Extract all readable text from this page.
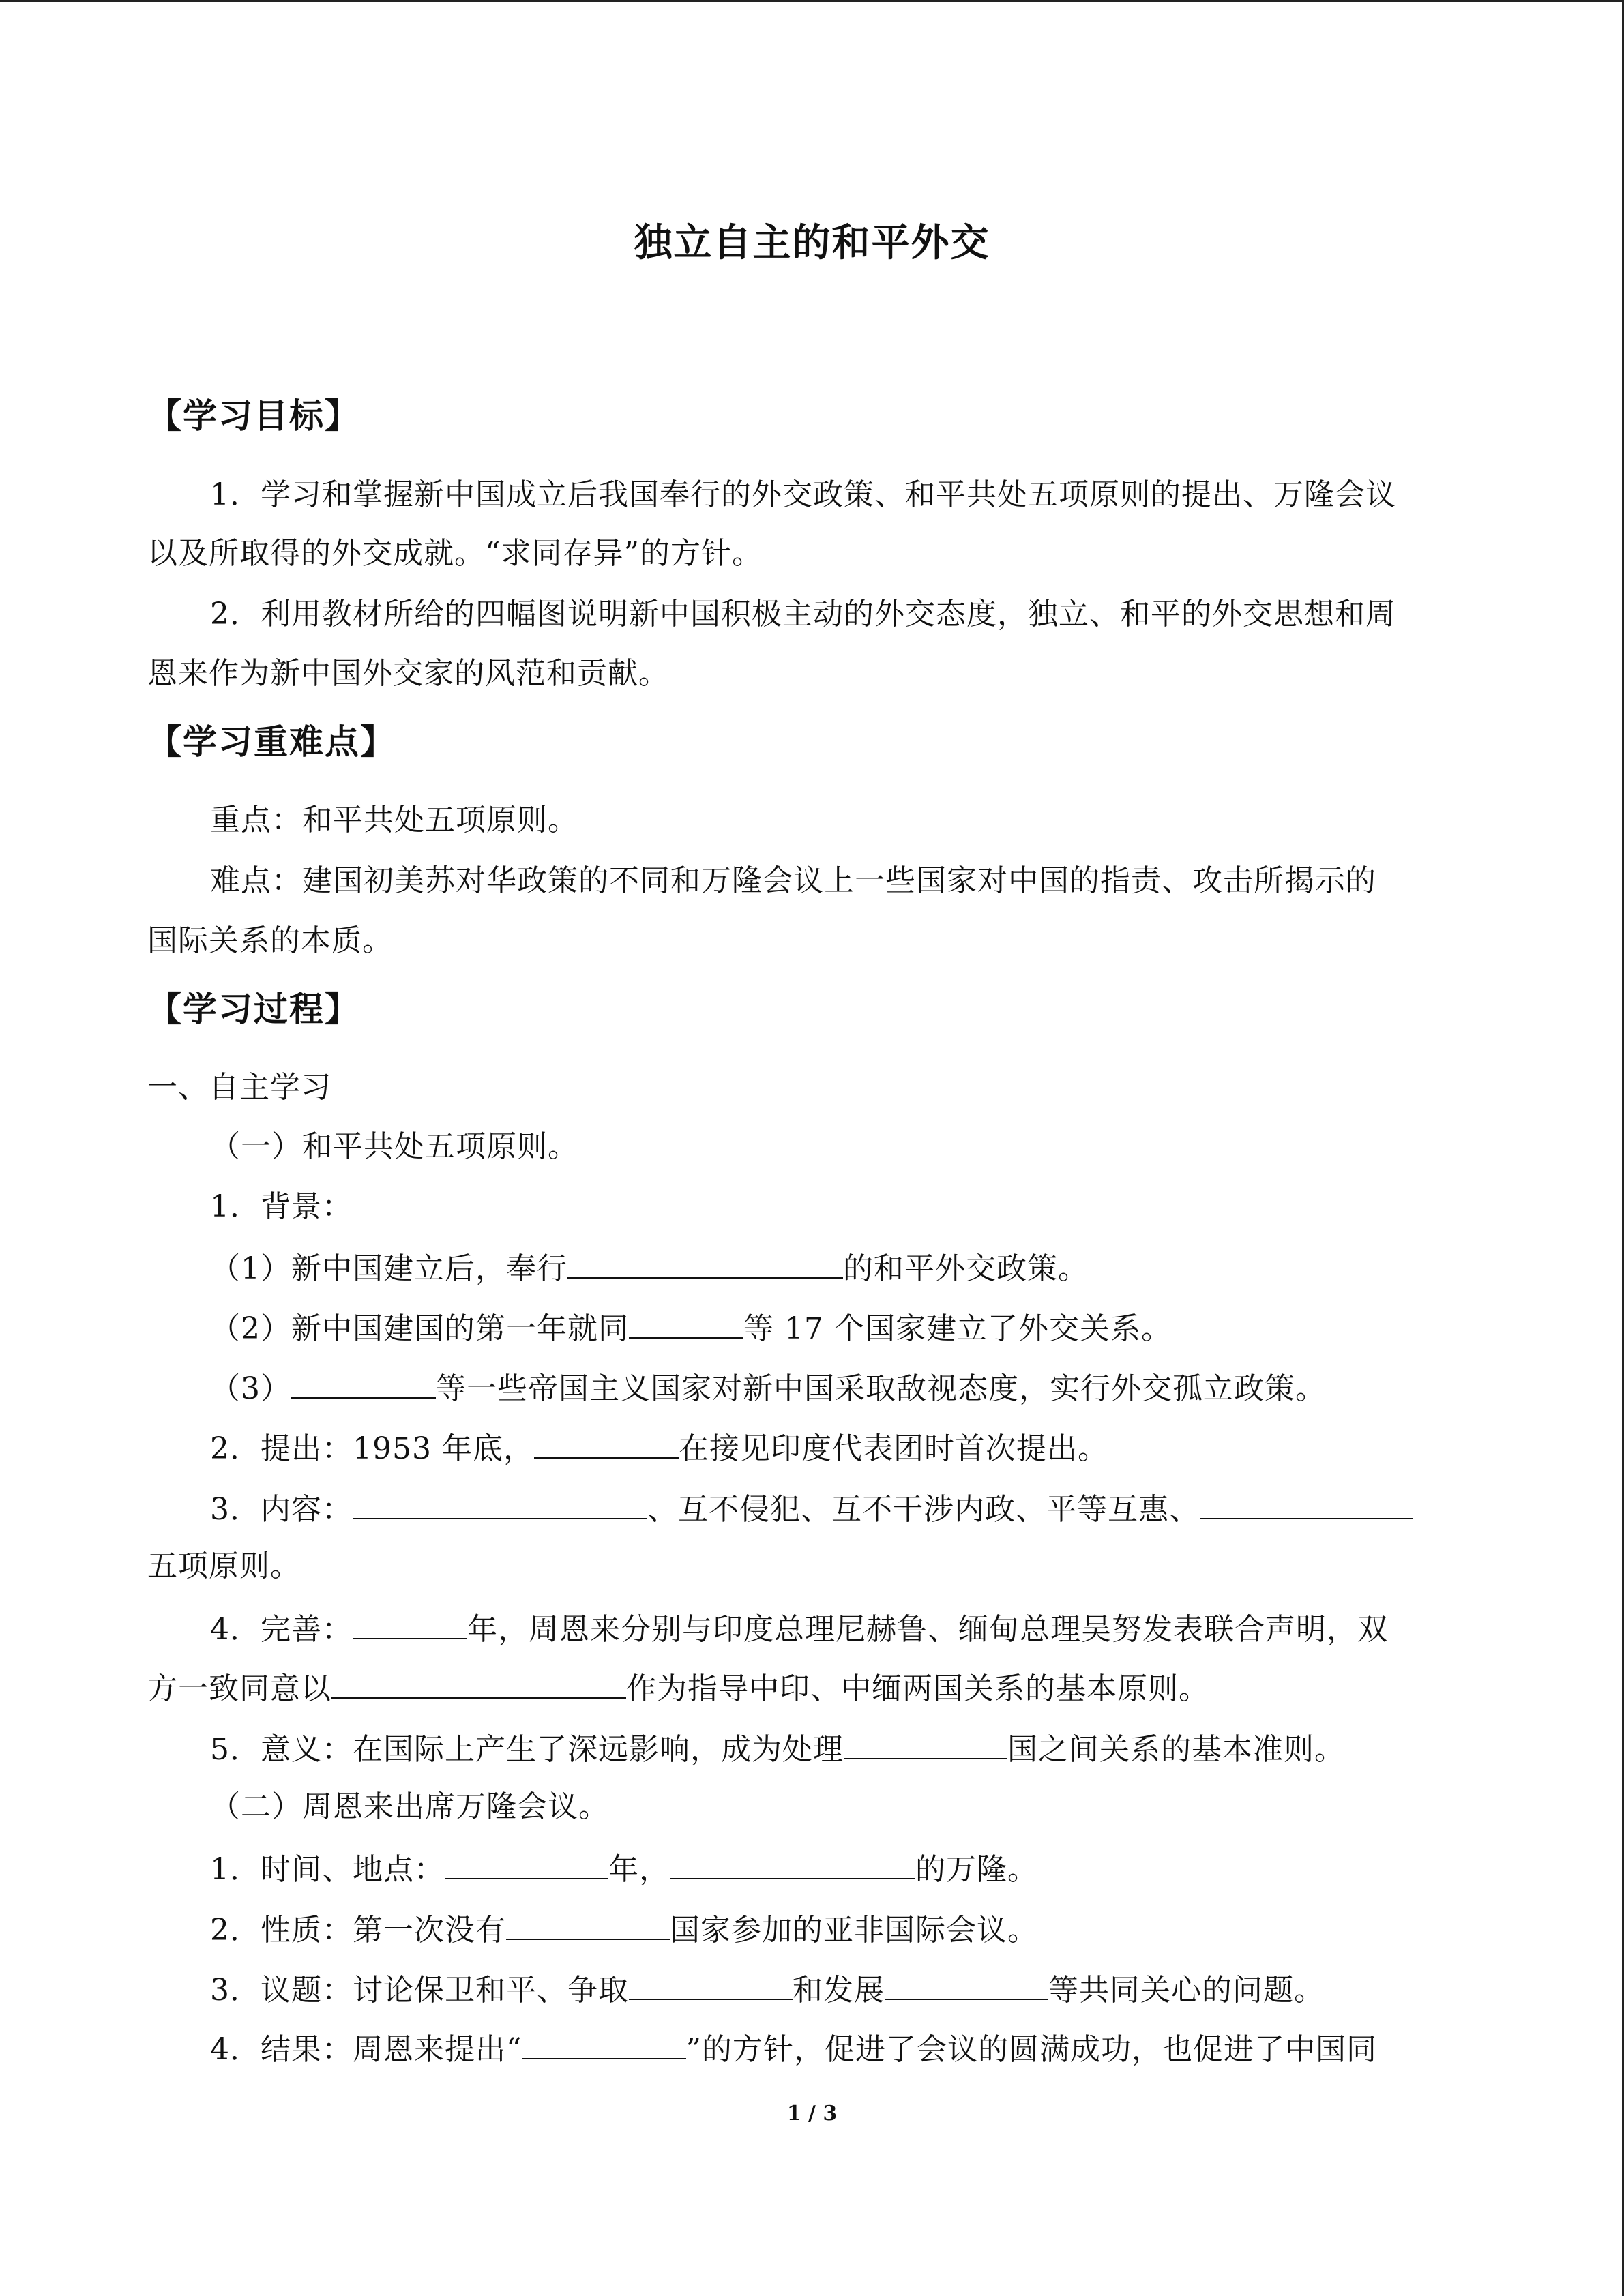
独立自主的和平外交
【学习目标】
1．学习和掌握新中国成立后我国奉行的外交政策、和平共处五项原则的提出、万隆会议
以及所取得的外交成就。“求同存异”的方针。
2．利用教材所给的四幅图说明新中国积极主动的外交态度，独立、和平的外交思想和周
恩来作为新中国外交家的风范和贡献。
【学习重难点】
重点：和平共处五项原则。
难点：建国初美苏对华政策的不同和万隆会议上一些国家对中国的指责、攻击所揭示的
国际关系的本质。
【学习过程】
一、自主学习
（一）和平共处五项原则。
1．背景：
（1）新中国建立后，奉行	的和平外交政策。
（2）新中国建国的第一年就同	等 17 个国家建立了外交关系。
（3）	等一些帝国主义国家对新中国采取敌视态度，实行外交孤立政策。
2．提出：1953 年底，	在接见印度代表团时首次提出。
3．内容：	、互不侵犯、互不干涉内政、平等互惠、
五项原则。
4．完善：	年，周恩来分别与印度总理尼赫鲁、缅甸总理吴努发表联合声明，双
方一致同意以	作为指导中印、中缅两国关系的基本原则。
5．意义：在国际上产生了深远影响，成为处理	国之间关系的基本准则。
（二）周恩来出席万隆会议。
1．时间、地点：	年，	的万隆。
2．性质：第一次没有	国家参加的亚非国际会议。
3．议题：讨论保卫和平、争取	和发展	等共同关心的问题。
4．结果：周恩来提出“	”的方针，促进了会议的圆满成功，也促进了中国同
1 / 3
